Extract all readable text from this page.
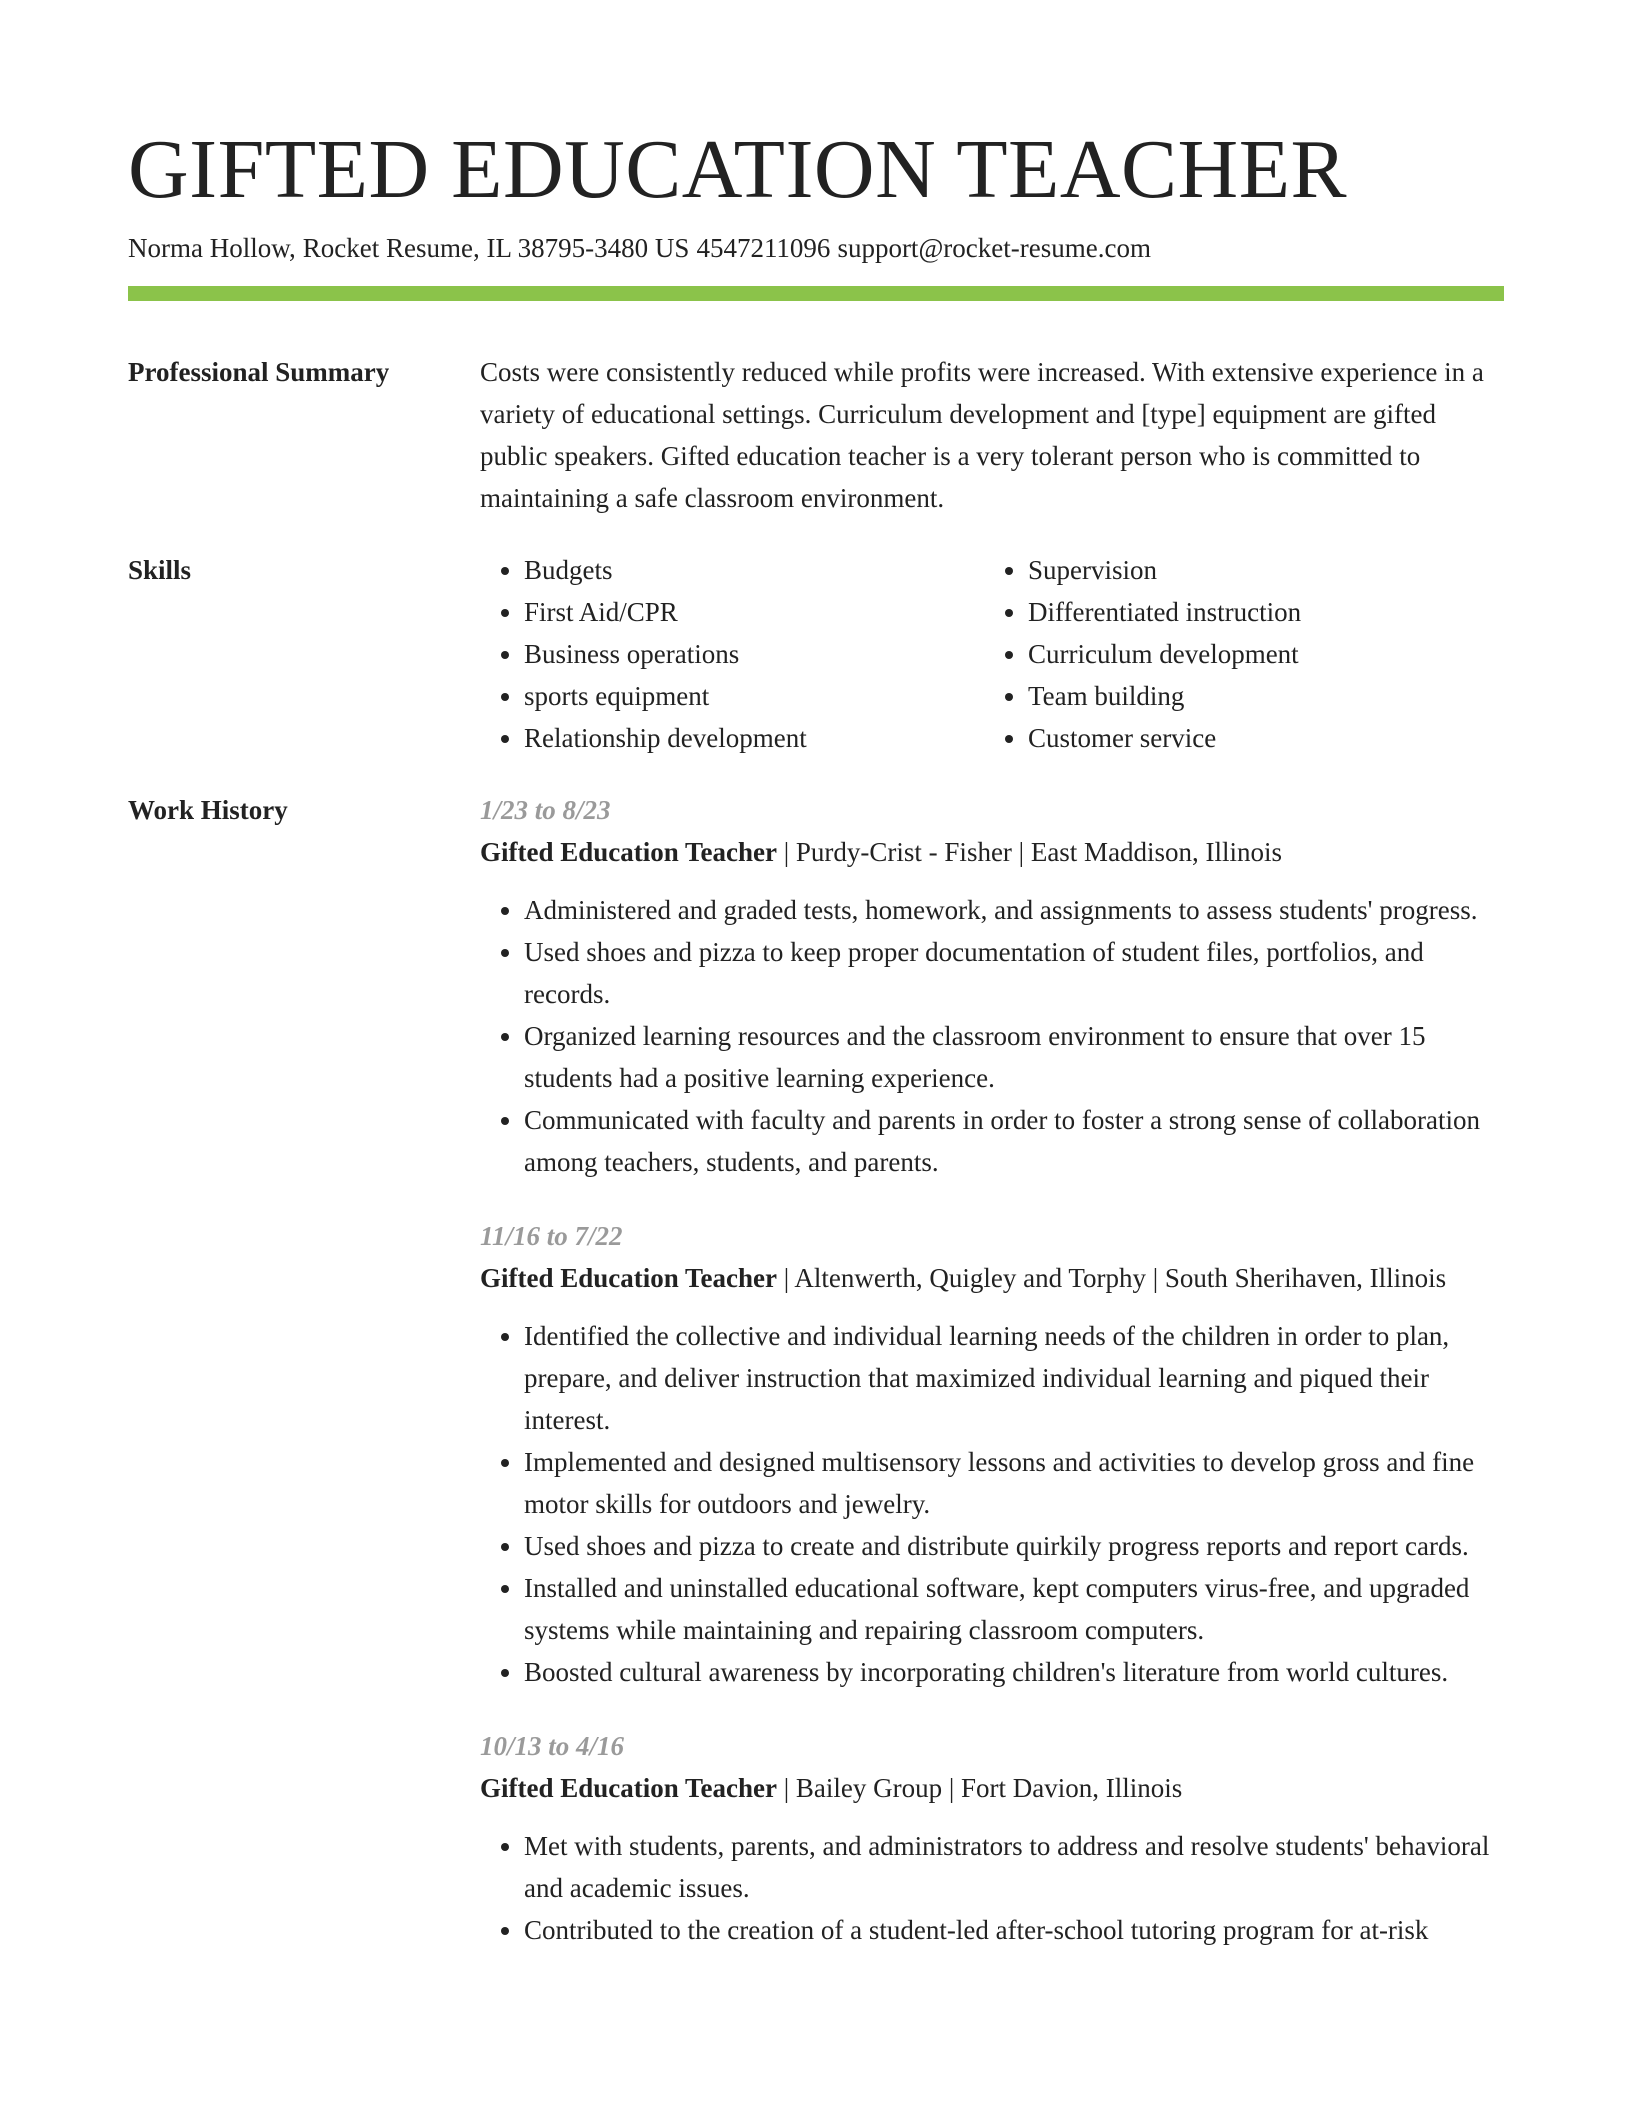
GIFTED EDUCATION TEACHER
Norma Hollow, Rocket Resume, IL 38795-3480 US 4547211096 support@rocket-resume.com
Professional Summary	Costs were consistently reduced while profits were increased. With extensive experience in a variety of educational settings. Curriculum development and [type] equipment are gifted public speakers. Gifted education teacher is a very tolerant person who is committed to maintaining a safe classroom environment.
Skills
•	Budgets
• First Aid/CPR
• Business operations
• sports equipment
• Relationship development
• Supervision
• Differentiated instruction
• Curriculum development
• Team building
• Customer service
Work History	1/23 to 8/23
Gifted Education Teacher | Purdy-Crist - Fisher | East Maddison, Illinois
• Administered and graded tests, homework, and assignments to assess students' progress.
• Used shoes and pizza to keep proper documentation of student files, portfolios, and records.
• Organized learning resources and the classroom environment to ensure that over 15 students had a positive learning experience.
• Communicated with faculty and parents in order to foster a strong sense of collaboration among teachers, students, and parents.
11/16 to 7/22
Gifted Education Teacher | Altenwerth, Quigley and Torphy | South Sherihaven, Illinois
• Identified the collective and individual learning needs of the children in order to plan, prepare, and deliver instruction that maximized individual learning and piqued their interest.
• Implemented and designed multisensory lessons and activities to develop gross and fine motor skills for outdoors and jewelry.
• Used shoes and pizza to create and distribute quirkily progress reports and report cards.
• Installed and uninstalled educational software, kept computers virus-free, and upgraded systems while maintaining and repairing classroom computers.
• Boosted cultural awareness by incorporating children's literature from world cultures.
10/13 to 4/16
Gifted Education Teacher | Bailey Group | Fort Davion, Illinois
• Met with students, parents, and administrators to address and resolve students' behavioral and academic issues.
• Contributed to the creation of a student-led after-school tutoring program for at-risk
